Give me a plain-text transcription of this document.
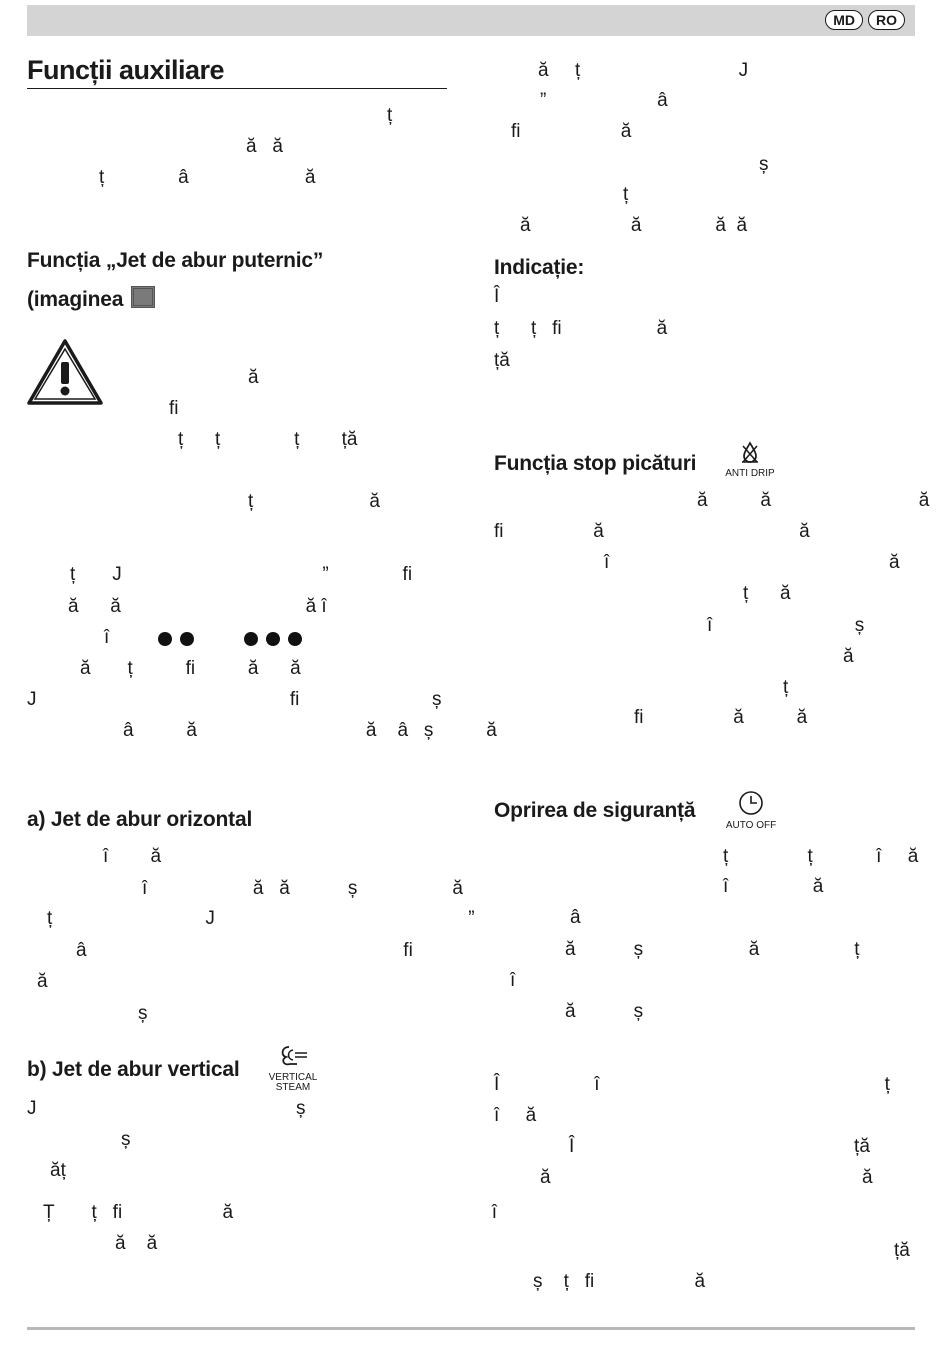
MD	RO
Funcții auxiliare
ț
ă   ă
ț              â                      ă
Funcția „Jet de abur puternic”
(imaginea
ă
fi
ț      ț              ț        ță
ț                      ă
ț       J                                      ”              fi
ă      ă                                   ă î
î
ă       ț          fi          ă      ă
J                                                fi	ș
â          ă                                ă    â   ș          ă
a) Jet de abur orizontal
î        ă
î                    ă   ă           ș                  ă
ț                             J                                                ”
â                                                            fi
ă
ș
b) Jet de abur vertical	VERTICAL STEAM
J	ș
ș
ăț
Ț       ț   fi                   ă                                                 î
ă    ă
ă     ț                              J
”                     â
fi                   ă
ș
ț
ă                   ă              ă  ă
Indicație:
Î
ț      ț   fi                  ă
ță
Funcția stop picături	ANTI DRIP
ă          ă                            ă
fi                 ă                                     ă
î                                                     ă
ț      ă
î                           ș
ă
ț
fi                 ă          ă
Oprirea de siguranță
AUTO OFF
ț               ț            î     ă
î                ă
â
ă           ș                    ă                  ț
î
ă           ș
Î                  î                                                      ț
î     ă
Î                                                     ță
ă                                                           ă
ță
ș    ț   fi                   ă
